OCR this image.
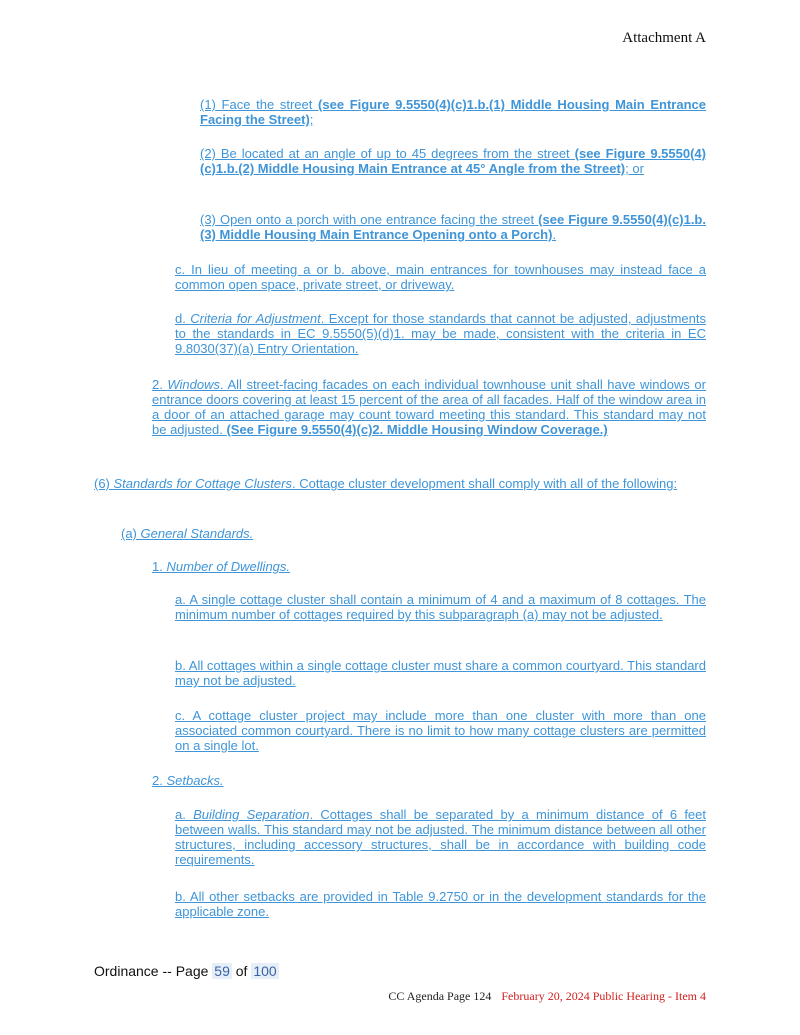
Attachment A

(1) Face the street (see Figure 9.5550(4)(c)1.b.(1) Middle Housing Main Entrance Facing the Street);

(2) Be located at an angle of up to 45 degrees from the street (see Figure 9.5550(4)(c)1.b.(2) Middle Housing Main Entrance at 45° Angle from the Street); or

(3) Open onto a porch with one entrance facing the street (see Figure 9.5550(4)(c)1.b.(3) Middle Housing Main Entrance Opening onto a Porch).

c. In lieu of meeting a or b. above, main entrances for townhouses may instead face a common open space, private street, or driveway.

d. Criteria for Adjustment. Except for those standards that cannot be adjusted, adjustments to the standards in EC 9.5550(5)(d)1. may be made, consistent with the criteria in EC 9.8030(37)(a) Entry Orientation.

2. Windows. All street-facing facades on each individual townhouse unit shall have windows or entrance doors covering at least 15 percent of the area of all facades. Half of the window area in a door of an attached garage may count toward meeting this standard. This standard may not be adjusted. (See Figure 9.5550(4)(c)2. Middle Housing Window Coverage.)

(6) Standards for Cottage Clusters. Cottage cluster development shall comply with all of the following:

(a) General Standards.

1. Number of Dwellings.

a. A single cottage cluster shall contain a minimum of 4 and a maximum of 8 cottages. The minimum number of cottages required by this subparagraph (a) may not be adjusted.

b. All cottages within a single cottage cluster must share a common courtyard. This standard may not be adjusted.

c. A cottage cluster project may include more than one cluster with more than one associated common courtyard. There is no limit to how many cottage clusters are permitted on a single lot.

2. Setbacks.

a. Building Separation. Cottages shall be separated by a minimum distance of 6 feet between walls. This standard may not be adjusted. The minimum distance between all other structures, including accessory structures, shall be in accordance with building code requirements.

b. All other setbacks are provided in Table 9.2750 or in the development standards for the applicable zone.

Ordinance -- Page 59 of 100
CC Agenda Page 124 February 20, 2024 Public Hearing - Item 4
